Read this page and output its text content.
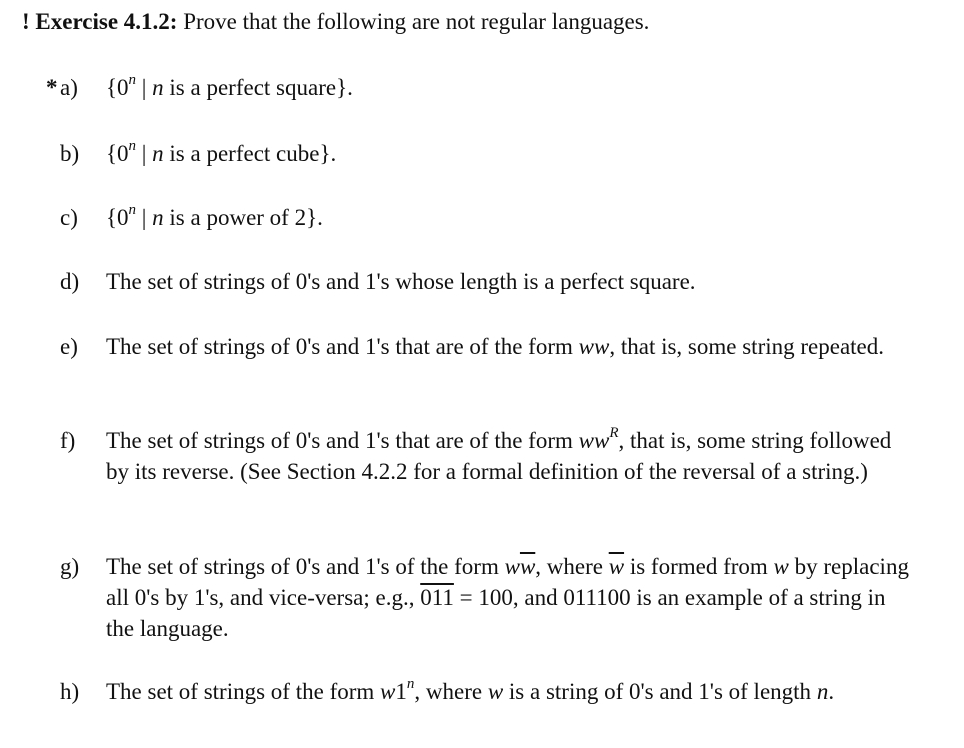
! Exercise 4.1.2: Prove that the following are not regular languages.
* a) {0$^n$ | n is a perfect square}.
b) {0$^n$ | n is a perfect cube}.
c) {0$^n$ | n is a power of 2}.
d) The set of strings of 0's and 1's whose length is a perfect square.
e) The set of strings of 0's and 1's that are of the form ww, that is, some string repeated.
f) The set of strings of 0's and 1's that are of the form $ww^R$, that is, some string followed by its reverse. (See Section 4.2.2 for a formal definition of the reversal of a string.)
g) The set of strings of 0's and 1's of the form $w\overline{w}$, where $\overline{w}$ is formed from w by replacing all 0's by 1's, and vice-versa; e.g., 011 = 100, and 011100 is an example of a string in the language.
h) The set of strings of the form w1$^n$, where w is a string of 0's and 1's of length n.
